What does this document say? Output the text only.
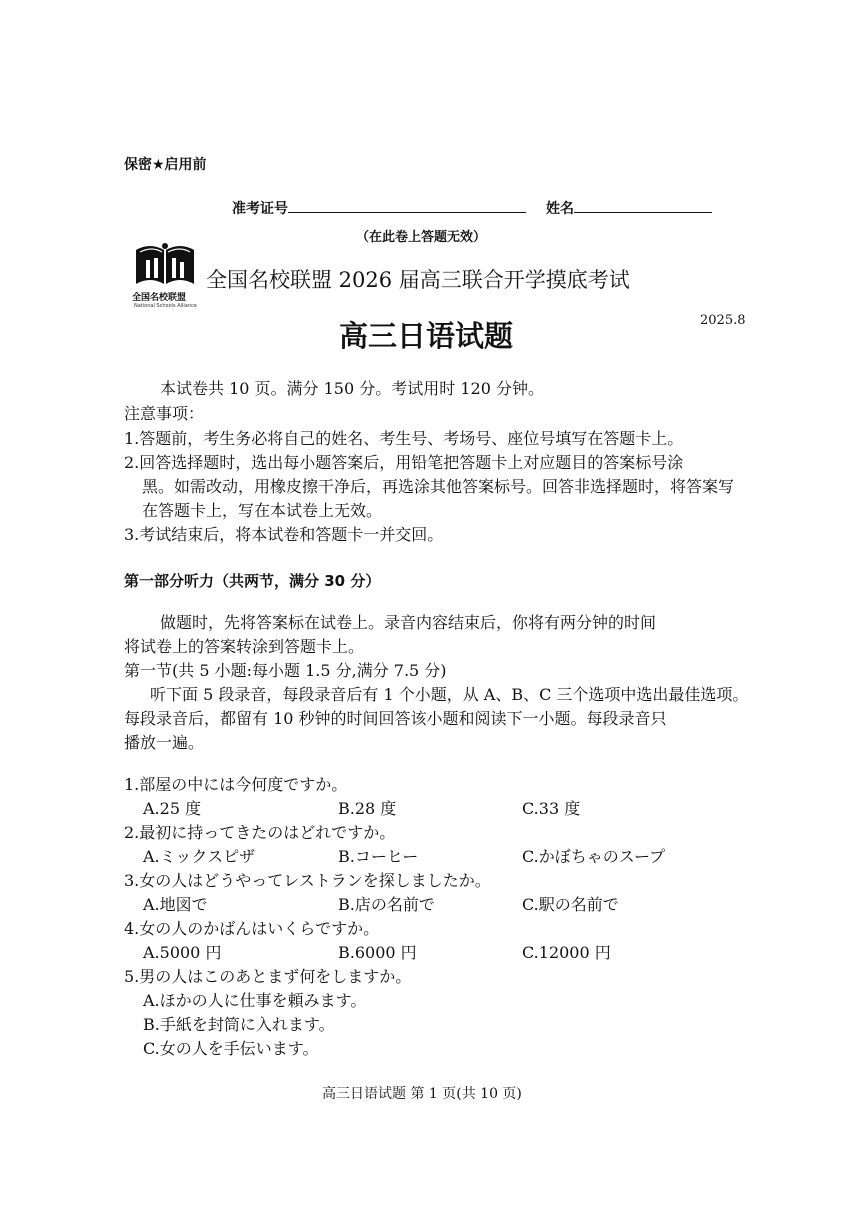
保密★启用前
准考证号	姓名
（在此卷上答题无效）
全国名校联盟
National Schools Alliance
全国名校联盟 2026 届高三联合开学摸底考试
2025.8
高三日语试题
本试卷共 10 页。满分 150 分。考试用时 120 分钟。
注意事项：
1.答题前，考生务必将自己的姓名、考生号、考场号、座位号填写在答题卡上。
2.回答选择题时，选出每小题答案后，用铅笔把答题卡上对应题目的答案标号涂
黑。如需改动，用橡皮擦干净后，再选涂其他答案标号。回答非选择题时，将答案写
在答题卡上，写在本试卷上无效。
3.考试结束后，将本试卷和答题卡一并交回。
第一部分听力（共两节，满分 30 分）
做题时，先将答案标在试卷上。录音内容结束后，你将有两分钟的时间
将试卷上的答案转涂到答题卡上。
第一节(共 5 小题:每小题 1.5 分,满分 7.5 分)
听下面 5 段录音，每段录音后有 1 个小题，从 A、B、C 三个选项中选出最佳选项。
每段录音后，都留有 10 秒钟的时间回答该小题和阅读下一小题。每段录音只
播放一遍。
1.部屋の中には今何度ですか。
A.25 度	B.28 度	C.33 度
2.最初に持ってきたのはどれですか。
A.ミックスピザ	B.コーヒー	C.かぼちゃのスープ
3.女の人はどうやってレストランを探しましたか。
A.地図で	B.店の名前で	C.駅の名前で
4.女の人のかばんはいくらですか。
A.5000 円	B.6000 円	C.12000 円
5.男の人はこのあとまず何をしますか。
A.ほかの人に仕事を頼みます。
B.手紙を封筒に入れます。
C.女の人を手伝います。
高三日语试题 第 1 页(共 10 页)
